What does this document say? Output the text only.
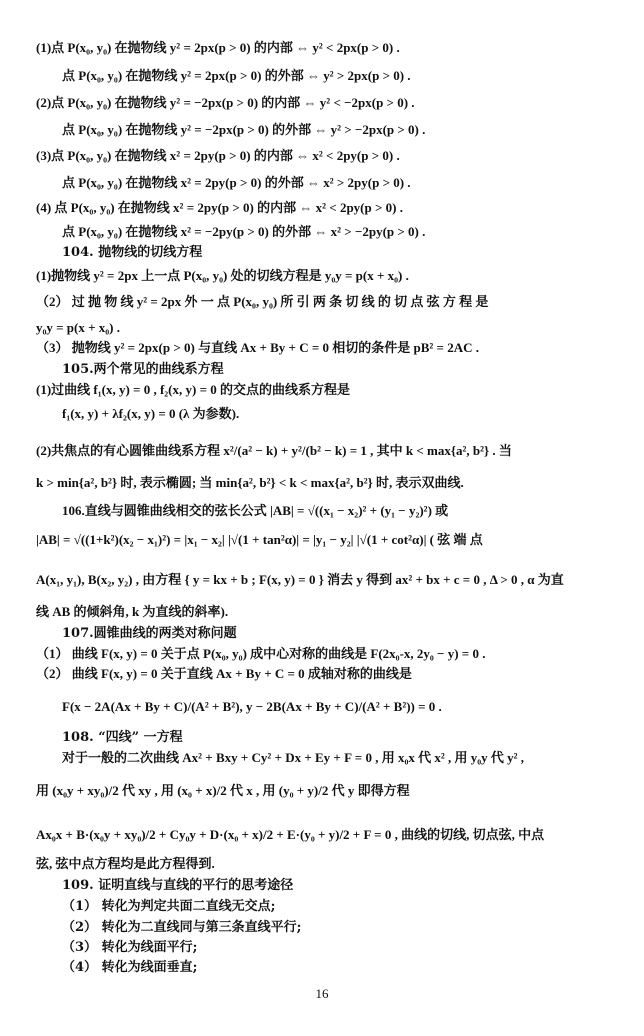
(1)点 P(x₀, y₀) 在抛物线 y² = 2px(p > 0) 的内部 ⇔ y² < 2px(p > 0) .
点 P(x₀, y₀) 在抛物线 y² = 2px(p > 0) 的外部 ⇔ y² > 2px(p > 0) .
(2)点 P(x₀, y₀) 在抛物线 y² = −2px(p > 0) 的内部 ⇔ y² < −2px(p > 0) .
点 P(x₀, y₀) 在抛物线 y² = −2px(p > 0) 的外部 ⇔ y² > −2px(p > 0) .
(3)点 P(x₀, y₀) 在抛物线 x² = 2py(p > 0) 的内部 ⇔ x² < 2py(p > 0) .
点 P(x₀, y₀) 在抛物线 x² = 2py(p > 0) 的外部 ⇔ x² > 2py(p > 0) .
(4) 点 P(x₀, y₀) 在抛物线 x² = 2py(p > 0) 的内部 ⇔ x² < 2py(p > 0) .
点 P(x₀, y₀) 在抛物线 x² = −2py(p > 0) 的外部 ⇔ x² > −2py(p > 0) .
104. 抛物线的切线方程
(1)抛物线 y² = 2px 上一点 P(x₀, y₀) 处的切线方程是 y₀y = p(x + x₀) .
（2） 过 抛 物 线 y² = 2px 外 一 点 P(x₀, y₀) 所 引 两 条 切 线 的 切 点 弦 方 程 是
y₀y = p(x + x₀) .
（3） 抛物线 y² = 2px(p > 0) 与直线 Ax + By + C = 0 相切的条件是 pB² = 2AC .
105.两个常见的曲线系方程
(1)过曲线 f₁(x, y) = 0 , f₂(x, y) = 0 的交点的曲线系方程是
f₁(x, y) + λf₂(x, y) = 0 (λ 为参数).
(2)共焦点的有心圆锥曲线系方程 x²/(a² − k) + y²/(b² − k) = 1 , 其中 k < max{a², b²} . 当
k > min{a², b²} 时, 表示椭圆; 当 min{a², b²} < k < max{a², b²} 时, 表示双曲线.
106.直线与圆锥曲线相交的弦长公式 |AB| = √((x₁ − x₂)² + (y₁ − y₂)²) 或
|AB| = √((1+k²)(x₂ − x₁)²) = |x₁ − x₂| |√(1 + tan²α)| = |y₁ − y₂| |√(1 + cot²α)| ( 弦 端 点
A(x₁, y₁), B(x₂, y₂) , 由方程 { y = kx + b ; F(x, y) = 0 } 消去 y 得到 ax² + bx + c = 0 , Δ > 0 , α 为直
线 AB 的倾斜角, k 为直线的斜率).
107.圆锥曲线的两类对称问题
（1） 曲线 F(x, y) = 0 关于点 P(x₀, y₀) 成中心对称的曲线是 F(2x₀-x, 2y₀ − y) = 0 .
（2） 曲线 F(x, y) = 0 关于直线 Ax + By + C = 0 成轴对称的曲线是
F(x − 2A(Ax + By + C)/(A² + B²), y − 2B(Ax + By + C)/(A² + B²)) = 0 .
108. “四线” 一方程
对于一般的二次曲线 Ax² + Bxy + Cy² + Dx + Ey + F = 0 , 用 x₀x 代 x² , 用 y₀y 代 y² ,
用 (x₀y + xy₀)/2 代 xy , 用 (x₀ + x)/2 代 x , 用 (y₀ + y)/2 代 y 即得方程
Ax₀x + B·(x₀y + xy₀)/2 + Cy₀y + D·(x₀ + x)/2 + E·(y₀ + y)/2 + F = 0 , 曲线的切线, 切点弦, 中点
弦, 弦中点方程均是此方程得到.
109. 证明直线与直线的平行的思考途径
（1） 转化为判定共面二直线无交点;
（2） 转化为二直线同与第三条直线平行;
（3） 转化为线面平行;
（4） 转化为线面垂直;
16
